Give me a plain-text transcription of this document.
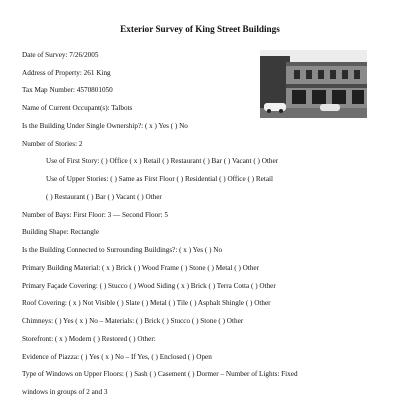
Exterior Survey of King Street Buildings
Date of Survey: 7/26/2005
Address of Property: 261 King
Tax Map Number: 4570801050
Name of Current Occupant(s): Talbots
Is the Building Under Single Ownership?: ( x ) Yes ( ) No
Number of Stories: 2
Use of First Story: ( ) Office ( x ) Retail ( ) Restaurant ( ) Bar ( ) Vacant ( ) Other
Use of Upper Stories: ( ) Same as First Floor ( ) Residential ( ) Office ( ) Retail
( ) Restaurant ( ) Bar ( ) Vacant ( ) Other
Number of Bays: First Floor: 3 — Second Floor: 5
Building Shape: Rectangle
Is the Building Connected to Surrounding Buildings?: ( x ) Yes ( ) No
Primary Building Material: ( x ) Brick ( ) Wood Frame ( ) Stone ( ) Metal ( ) Other
Primary Façade Covering: ( ) Stucco ( ) Wood Siding ( x ) Brick ( ) Terra Cotta ( ) Other
Roof Covering: ( x ) Not Visible ( ) Slate ( ) Metal ( ) Tile ( ) Asphalt Shingle ( ) Other
Chimneys: ( ) Yes ( x ) No – Materials: ( ) Brick ( ) Stucco ( ) Stone ( ) Other
Storefront: ( x ) Modern ( ) Restored ( ) Other:
Evidence of Piazza: ( ) Yes ( x ) No – If Yes, ( ) Enclosed ( ) Open
Type of Windows on Upper Floors: ( ) Sash ( ) Casement ( ) Dormer – Number of Lights: Fixed
windows in groups of 2 and 3
